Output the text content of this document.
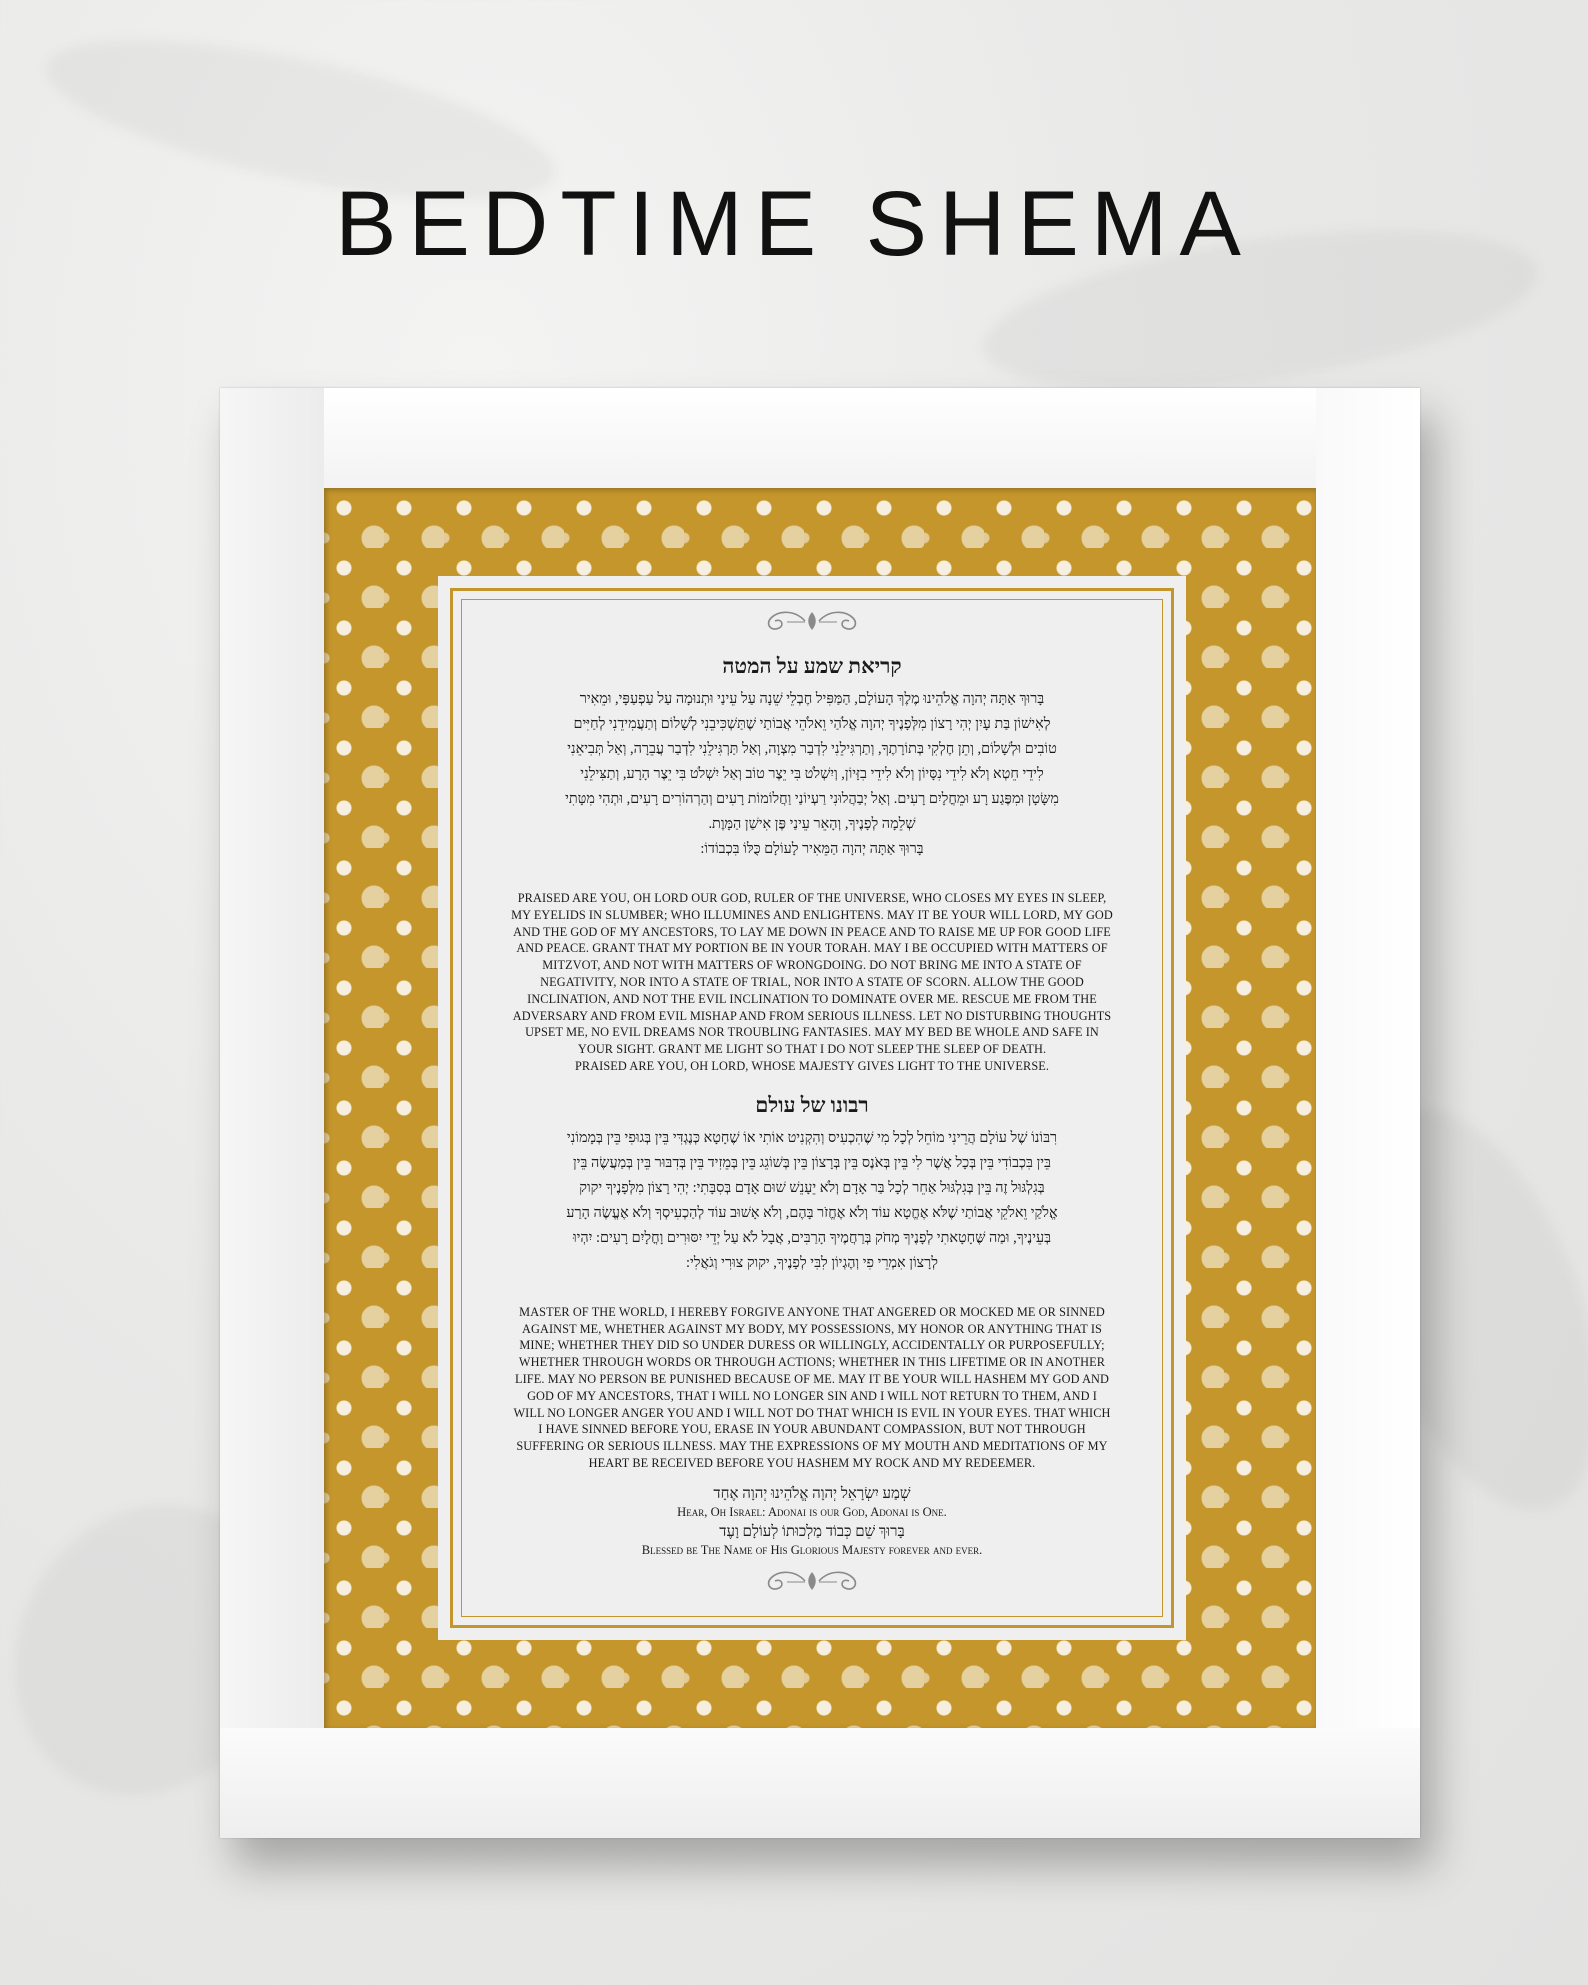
BEDTIME SHEMA
קריאת שמע על המטה
בָּרוּךְ אַתָּה יְהוָה אֱלֹהֵינוּ מֶלֶךְ הָעוֹלָם, הַמַּפִּיל חֶבְלֵי שֵׁנָה עַל עֵינַי וּתְנוּמָה עַל עַפְעַפָּי, וּמֵאִיר
לְאִישׁוֹן בַּת עָיִן יְהִי רָצוֹן מִלְּפָנֶיךָ יְהוָה אֱלֹהַי וֵאלֹהֵי אֲבוֹתַי שֶׁתַּשְׁכִּיבֵנִי לְשָׁלוֹם וְתַעֲמִידֵנִי לְחַיִּים
טוֹבִים וּלְשָׁלוֹם, וְתֵן חֶלְקִי בְּתוֹרָתֶךָ, וְתַרְגִּילֵנִי לִדְבַר מִצְוָה, וְאַל תַּרְגִּילֵנִי לִדְבַר עֲבֵרָה, וְאַל תְּבִיאֵנִי
לִידֵי חֵטְא וְלֹא לִידֵי נִסָּיוֹן וְלֹא לִידֵי בִזָּיוֹן, וְיִשְׁלֹט בִּי יֵצֶר טוֹב וְאַל יִשְׁלֹט בִּי יֵצֶר הָרָע, וְתַצִּילֵנִי
מִשָּׂטָן וּמִפֶּגַע רָע וּמֵחֳלָיִם רָעִים. וְאַל יְבַהֲלוּנִי רַעְיוֹנַי וַחֲלוֹמוֹת רָעִים וְהַרְהוֹרִים רָעִים, וּתְהִי מִטָּתִי
שְׁלֵמָה לְפָנֶיךָ, וְהָאֵר עֵינַי פֶּן אִישַׁן הַמָּוֶת.
בָּרוּךְ אַתָּה יְהוָה הַמֵּאִיר לָעוֹלָם כֻּלּוֹ בִּכְבוֹדוֹ:
PRAISED ARE YOU, OH LORD OUR GOD, RULER OF THE UNIVERSE, WHO CLOSES MY EYES IN SLEEP,
MY EYELIDS IN SLUMBER; WHO ILLUMINES AND ENLIGHTENS. MAY IT BE YOUR WILL LORD, MY GOD
AND THE GOD OF MY ANCESTORS, TO LAY ME DOWN IN PEACE AND TO RAISE ME UP FOR GOOD LIFE
AND PEACE. GRANT THAT MY PORTION BE IN YOUR TORAH. MAY I BE OCCUPIED WITH MATTERS OF
MITZVOT, AND NOT WITH MATTERS OF WRONGDOING. DO NOT BRING ME INTO A STATE OF
NEGATIVITY, NOR INTO A STATE OF TRIAL, NOR INTO A STATE OF SCORN. ALLOW THE GOOD
INCLINATION, AND NOT THE EVIL INCLINATION TO DOMINATE OVER ME. RESCUE ME FROM THE
ADVERSARY AND FROM EVIL MISHAP AND FROM SERIOUS ILLNESS. LET NO DISTURBING THOUGHTS
UPSET ME, NO EVIL DREAMS NOR TROUBLING FANTASIES. MAY MY BED BE WHOLE AND SAFE IN
YOUR SIGHT. GRANT ME LIGHT SO THAT I DO NOT SLEEP THE SLEEP OF DEATH.
PRAISED ARE YOU, OH LORD, WHOSE MAJESTY GIVES LIGHT TO THE UNIVERSE.
רבונו של עולם
רִבּוֹנוֹ שֶׁל עוֹלָם הֲרֵינִי מוֹחֵל לְכָל מִי שֶׁהִכְעִיס וְהִקְנִיט אוֹתִי אוֹ שֶׁחָטָא כְּנֶגְדִּי בֵּין בְּגוּפִי בֵּין בְּמָמוֹנִי
בֵּין בִּכְבוֹדִי בֵּין בְּכָל אֲשֶׁר לִי בֵּין בְּאֹנֶס בֵּין בְּרָצוֹן בֵּין בְּשׁוֹגֵג בֵּין בְּמֵזִיד בֵּין בְּדִבּוּר בֵּין בְּמַעֲשֶׂה בֵּין
בְּגִלְגּוּל זֶה בֵּין בְּגִלְגּוּל אַחֵר לְכָל בַּר אָדָם וְלֹא יֵעָנֵשׁ שׁוּם אָדָם בְּסִבָּתִי: יְהִי רָצוֹן מִלְּפָנֶיךָ יקוק
אֱלֹקַי וֵאלֹקֵי אֲבוֹתַי שֶׁלֹּא אֶחֱטָא עוֹד וְלֹא אֶחֱזֹר בָּהֶם, וְלֹא אָשׁוּב עוֹד לְהַכְעִיסְךָ וְלֹא אֶעֱשֶׂה הָרַע
בְּעֵינֶיךָ, וּמַה שֶּׁחָטָאתִי לְפָנֶיךָ מְחֹק בְּרַחֲמֶיךָ הָרַבִּים, אֲבָל לֹא עַל יְדֵי יִסּוּרִים וָחֳלָיִם רָעִים: יִהְיוּ
לְרָצוֹן אִמְרֵי פִי וְהֶגְיוֹן לִבִּי לְפָנֶיךָ, יקוק צוּרִי וְגֹאֲלִי:
MASTER OF THE WORLD, I HEREBY FORGIVE ANYONE THAT ANGERED OR MOCKED ME OR SINNED
AGAINST ME, WHETHER AGAINST MY BODY, MY POSSESSIONS, MY HONOR OR ANYTHING THAT IS
MINE; WHETHER THEY DID SO UNDER DURESS OR WILLINGLY, ACCIDENTALLY OR PURPOSEFULLY;
WHETHER THROUGH WORDS OR THROUGH ACTIONS; WHETHER IN THIS LIFETIME OR IN ANOTHER
LIFE. MAY NO PERSON BE PUNISHED BECAUSE OF ME. MAY IT BE YOUR WILL HASHEM MY GOD AND
GOD OF MY ANCESTORS, THAT I WILL NO LONGER SIN AND I WILL NOT RETURN TO THEM, AND I
WILL NO LONGER ANGER YOU AND I WILL NOT DO THAT WHICH IS EVIL IN YOUR EYES. THAT WHICH
I HAVE SINNED BEFORE YOU, ERASE IN YOUR ABUNDANT COMPASSION, BUT NOT THROUGH
SUFFERING OR SERIOUS ILLNESS. MAY THE EXPRESSIONS OF MY MOUTH AND MEDITATIONS OF MY
HEART BE RECEIVED BEFORE YOU HASHEM MY ROCK AND MY REDEEMER.
שְׁמַע יִשְׂרָאֵל יְהוָה אֱלֹהֵינוּ יְהוָה אֶחָד
Hear, Oh Israel: Adonai is our God, Adonai is One.
בָּרוּךְ שֵׁם כְּבוֹד מַלְכוּתוֹ לְעוֹלָם וָעֶד
Blessed be The Name of His Glorious Majesty forever and ever.
